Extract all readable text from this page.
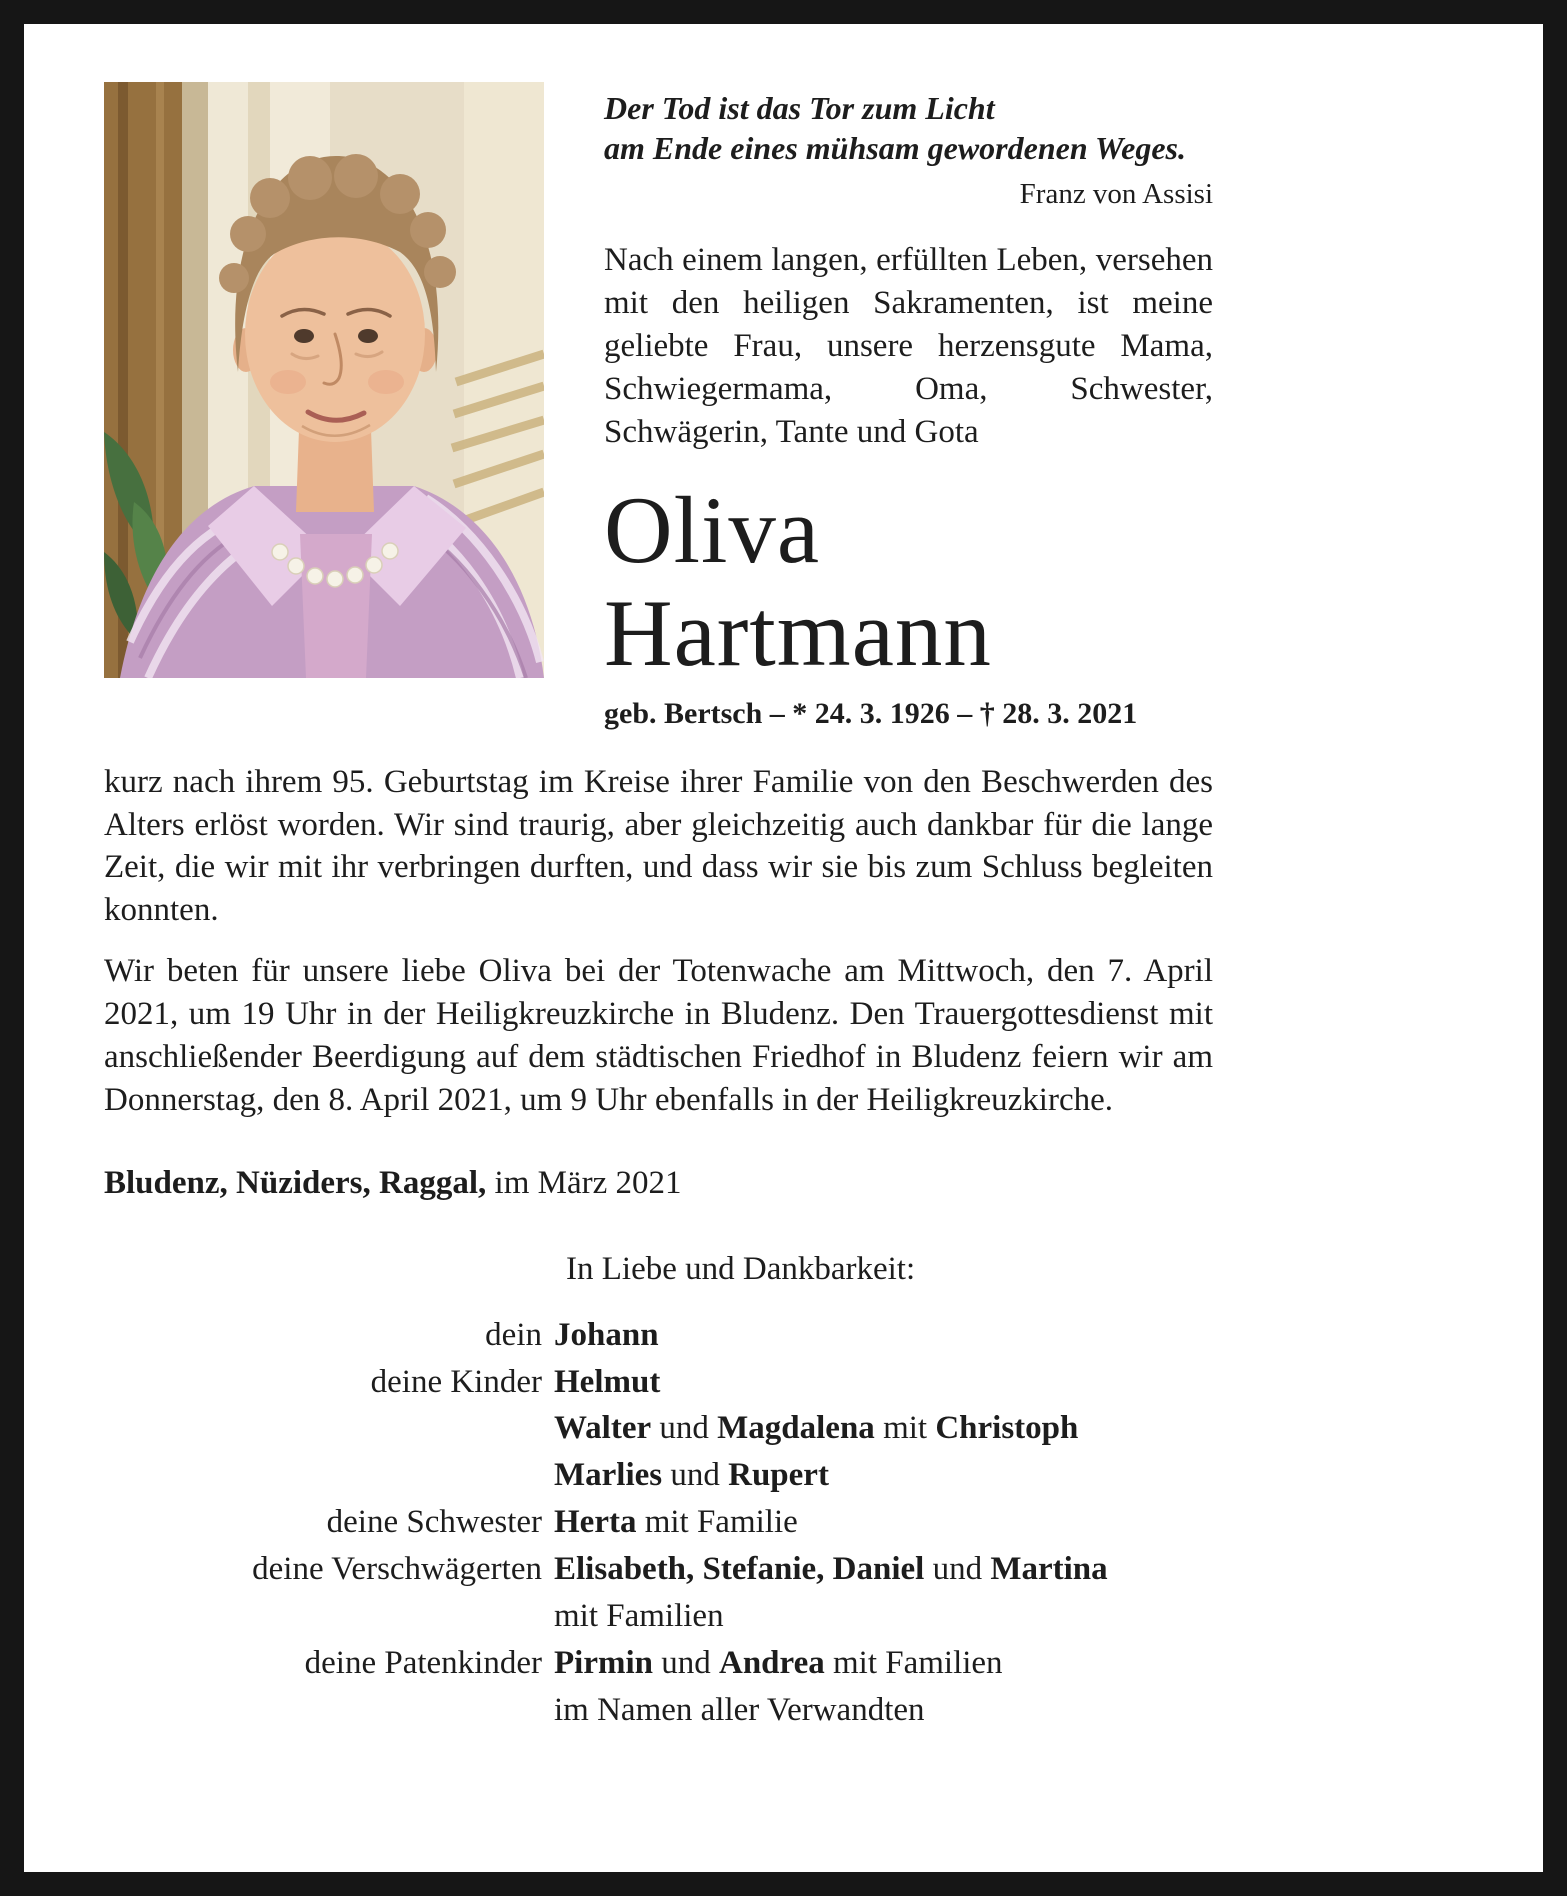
Der Tod ist das Tor zum Licht
am Ende eines mühsam gewordenen Weges.
Franz von Assisi

Nach einem langen, erfüllten Leben, versehen mit den heiligen Sakramenten, ist meine geliebte Frau, unsere herzensgute Mama, Schwiegermama, Oma, Schwester, Schwägerin, Tante und Gota

Oliva
Hartmann
geb. Bertsch – * 24. 3. 1926 – † 28. 3. 2021

kurz nach ihrem 95. Geburtstag im Kreise ihrer Familie von den Beschwerden des Alters erlöst worden. Wir sind traurig, aber gleichzeitig auch dankbar für die lange Zeit, die wir mit ihr verbringen durften, und dass wir sie bis zum Schluss begleiten konnten.

Wir beten für unsere liebe Oliva bei der Totenwache am Mittwoch, den 7. April 2021, um 19 Uhr in der Heiligkreuzkirche in Bludenz. Den Trauergottesdienst mit anschließender Beerdigung auf dem städtischen Friedhof in Bludenz feiern wir am Donnerstag, den 8. April 2021, um 9 Uhr ebenfalls in der Heiligkreuzkirche.

Bludenz, Nüziders, Raggal, im März 2021

In Liebe und Dankbarkeit:
dein Johann
deine Kinder Helmut
Walter und Magdalena mit Christoph
Marlies und Rupert
deine Schwester Herta mit Familie
deine Verschwägerten Elisabeth, Stefanie, Daniel und Martina
mit Familien
deine Patenkinder Pirmin und Andrea mit Familien
im Namen aller Verwandten
